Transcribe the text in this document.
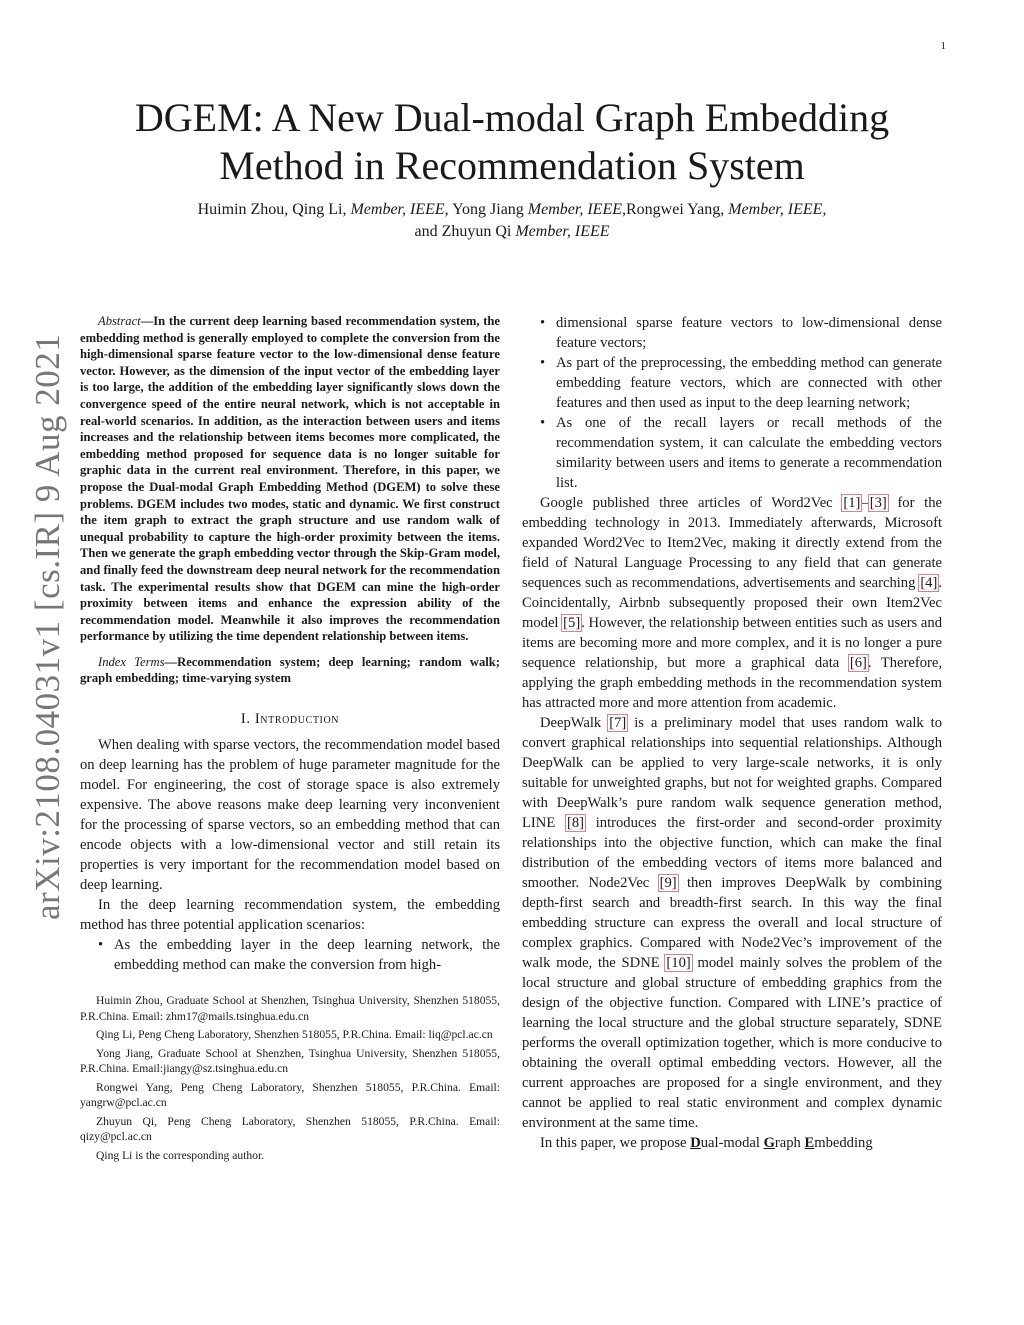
1
arXiv:2108.04031v1 [cs.IR] 9 Aug 2021
DGEM: A New Dual-modal Graph Embedding
Method in Recommendation System
Huimin Zhou, Qing Li, Member, IEEE, Yong Jiang Member, IEEE,Rongwei Yang, Member, IEEE,
and Zhuyun Qi Member, IEEE

Abstract—In the current deep learning based recommendation system, the embedding method is generally employed to complete the conversion from the high-dimensional sparse feature vector to the low-dimensional dense feature vector. However, as the dimension of the input vector of the embedding layer is too large, the addition of the embedding layer significantly slows down the convergence speed of the entire neural network, which is not acceptable in real-world scenarios. In addition, as the interaction between users and items increases and the relationship between items becomes more complicated, the embedding method proposed for sequence data is no longer suitable for graphic data in the current real environment. Therefore, in this paper, we propose the Dual-modal Graph Embedding Method (DGEM) to solve these problems. DGEM includes two modes, static and dynamic. We first construct the item graph to extract the graph structure and use random walk of unequal probability to capture the high-order proximity between the items. Then we generate the graph embedding vector through the Skip-Gram model, and finally feed the downstream deep neural network for the recommendation task. The experimental results show that DGEM can mine the high-order proximity between items and enhance the expression ability of the recommendation model. Meanwhile it also improves the recommendation performance by utilizing the time dependent relationship between items.

Index Terms—Recommendation system; deep learning; random walk; graph embedding; time-varying system

I. Introduction

When dealing with sparse vectors, the recommendation model based on deep learning has the problem of huge parameter magnitude for the model. For engineering, the cost of storage space is also extremely expensive. The above reasons make deep learning very inconvenient for the processing of sparse vectors, so an embedding method that can encode objects with a low-dimensional vector and still retain its properties is very important for the recommendation model based on deep learning.

In the deep learning recommendation system, the embedding method has three potential application scenarios:

• As the embedding layer in the deep learning network, the embedding method can make the conversion from high-

Huimin Zhou, Graduate School at Shenzhen, Tsinghua University, Shenzhen 518055, P.R.China. Email: zhm17@mails.tsinghua.edu.cn

Qing Li, Peng Cheng Laboratory, Shenzhen 518055, P.R.China. Email: liq@pcl.ac.cn

Yong Jiang, Graduate School at Shenzhen, Tsinghua University, Shenzhen 518055, P.R.China. Email:jiangy@sz.tsinghua.edu.cn

Rongwei Yang, Peng Cheng Laboratory, Shenzhen 518055, P.R.China. Email: yangrw@pcl.ac.cn

Zhuyun Qi, Peng Cheng Laboratory, Shenzhen 518055, P.R.China. Email: qizy@pcl.ac.cn

Qing Li is the corresponding author.

• dimensional sparse feature vectors to low-dimensional dense feature vectors;
• As part of the preprocessing, the embedding method can generate embedding feature vectors, which are connected with other features and then used as input to the deep learning network;
• As one of the recall layers or recall methods of the recommendation system, it can calculate the embedding vectors similarity between users and items to generate a recommendation list.

Google published three articles of Word2Vec [1]–[3] for the embedding technology in 2013. Immediately afterwards, Microsoft expanded Word2Vec to Item2Vec, making it directly extend from the field of Natural Language Processing to any field that can generate sequences such as recommendations, advertisements and searching [4]. Coincidentally, Airbnb subsequently proposed their own Item2Vec model [5]. However, the relationship between entities such as users and items are becoming more and more complex, and it is no longer a pure sequence relationship, but more a graphical data [6]. Therefore, applying the graph embedding methods in the recommendation system has attracted more and more attention from academic.

DeepWalk [7] is a preliminary model that uses random walk to convert graphical relationships into sequential relationships. Although DeepWalk can be applied to very large-scale networks, it is only suitable for unweighted graphs, but not for weighted graphs. Compared with DeepWalk’s pure random walk sequence generation method, LINE [8] introduces the first-order and second-order proximity relationships into the objective function, which can make the final distribution of the embedding vectors of items more balanced and smoother. Node2Vec [9] then improves DeepWalk by combining depth-first search and breadth-first search. In this way the final embedding structure can express the overall and local structure of complex graphics. Compared with Node2Vec’s improvement of the walk mode, the SDNE [10] model mainly solves the problem of the local structure and global structure of embedding graphics from the design of the objective function. Compared with LINE’s practice of learning the local structure and the global structure separately, SDNE performs the overall optimization together, which is more conducive to obtaining the overall optimal embedding vectors. However, all the current approaches are proposed for a single environment, and they cannot be applied to real static environment and complex dynamic environment at the same time.

In this paper, we propose Dual-modal Graph Embedding
